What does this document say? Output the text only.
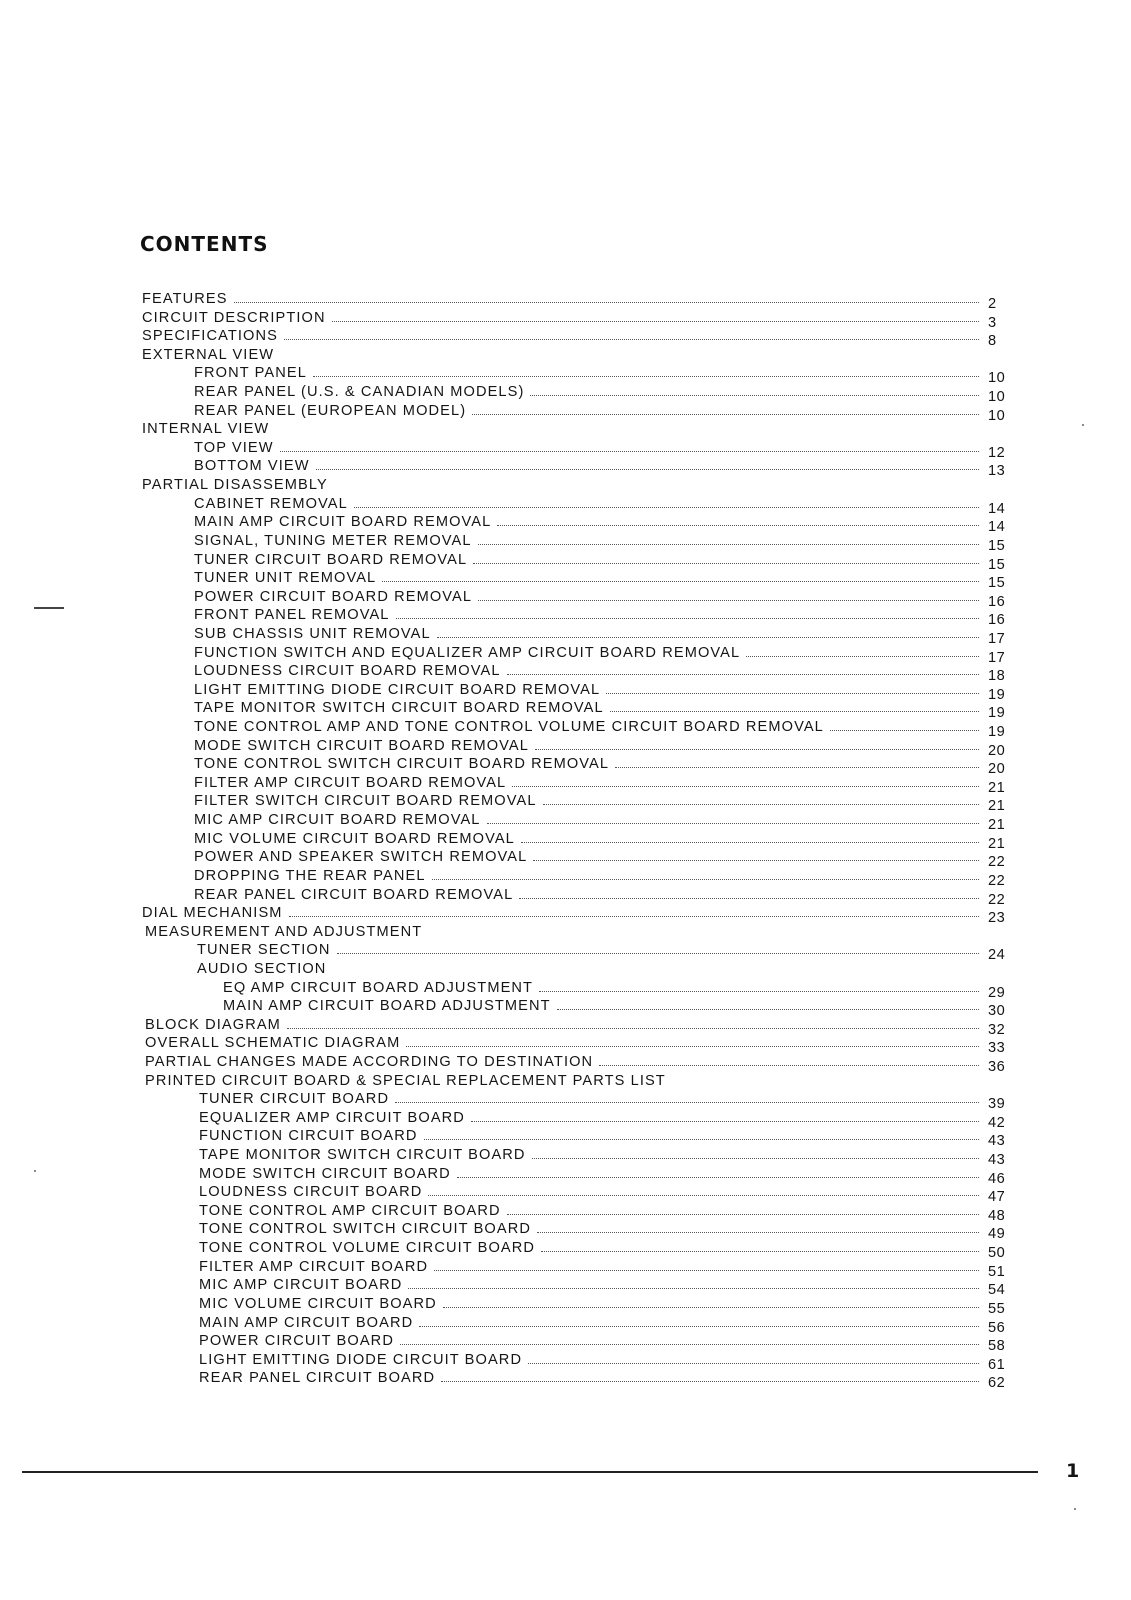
CONTENTS
FEATURES	2
CIRCUIT DESCRIPTION	3
SPECIFICATIONS	8
EXTERNAL VIEW
FRONT PANEL	10
REAR PANEL (U.S. & CANADIAN MODELS)	10
REAR PANEL (EUROPEAN MODEL)	10
INTERNAL VIEW
TOP VIEW	12
BOTTOM VIEW	13
PARTIAL DISASSEMBLY
CABINET REMOVAL	14
MAIN AMP CIRCUIT BOARD REMOVAL	14
SIGNAL, TUNING METER REMOVAL	15
TUNER CIRCUIT BOARD REMOVAL	15
TUNER UNIT REMOVAL	15
POWER CIRCUIT BOARD REMOVAL	16
FRONT PANEL REMOVAL	16
SUB CHASSIS UNIT REMOVAL	17
FUNCTION SWITCH AND EQUALIZER AMP CIRCUIT BOARD REMOVAL	17
LOUDNESS CIRCUIT BOARD REMOVAL	18
LIGHT EMITTING DIODE CIRCUIT BOARD REMOVAL	19
TAPE MONITOR SWITCH CIRCUIT BOARD REMOVAL	19
TONE CONTROL AMP AND TONE CONTROL VOLUME CIRCUIT BOARD REMOVAL	19
MODE SWITCH CIRCUIT BOARD REMOVAL	20
TONE CONTROL SWITCH CIRCUIT BOARD REMOVAL	20
FILTER AMP CIRCUIT BOARD REMOVAL	21
FILTER SWITCH CIRCUIT BOARD REMOVAL	21
MIC AMP CIRCUIT BOARD REMOVAL	21
MIC VOLUME CIRCUIT BOARD REMOVAL	21
POWER AND SPEAKER SWITCH REMOVAL	22
DROPPING THE REAR PANEL	22
REAR PANEL CIRCUIT BOARD REMOVAL	22
DIAL MECHANISM	23
MEASUREMENT AND ADJUSTMENT
TUNER SECTION	24
AUDIO SECTION
EQ AMP CIRCUIT BOARD ADJUSTMENT	29
MAIN AMP CIRCUIT BOARD ADJUSTMENT	30
BLOCK DIAGRAM	32
OVERALL SCHEMATIC DIAGRAM	33
PARTIAL CHANGES MADE ACCORDING TO DESTINATION	36
PRINTED CIRCUIT BOARD & SPECIAL REPLACEMENT PARTS LIST
TUNER CIRCUIT BOARD	39
EQUALIZER AMP CIRCUIT BOARD	42
FUNCTION CIRCUIT BOARD	43
TAPE MONITOR SWITCH CIRCUIT BOARD	43
MODE SWITCH CIRCUIT BOARD	46
LOUDNESS CIRCUIT BOARD	47
TONE CONTROL AMP CIRCUIT BOARD	48
TONE CONTROL SWITCH CIRCUIT BOARD	49
TONE CONTROL VOLUME CIRCUIT BOARD	50
FILTER AMP CIRCUIT BOARD	51
MIC AMP CIRCUIT BOARD	54
MIC VOLUME CIRCUIT BOARD	55
MAIN AMP CIRCUIT BOARD	56
POWER CIRCUIT BOARD	58
LIGHT EMITTING DIODE CIRCUIT BOARD	61
REAR PANEL CIRCUIT BOARD	62
1
